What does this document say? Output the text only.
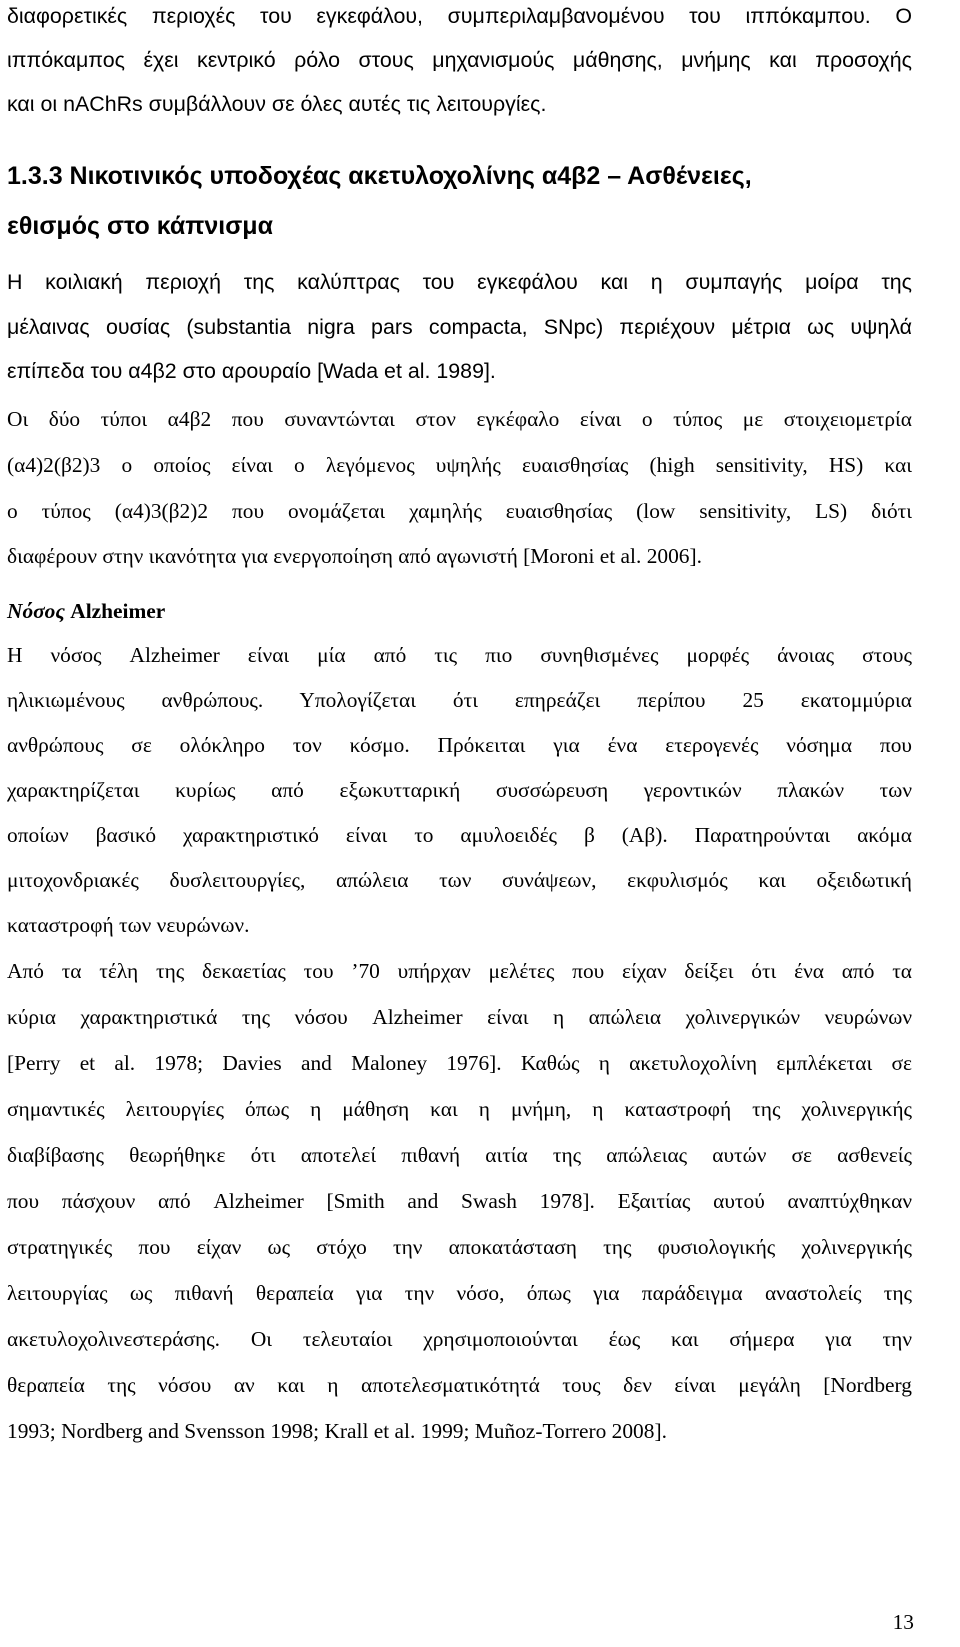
διαφορετικές περιοχές του εγκεφάλου, συμπεριλαμβανομένου του ιππόκαμπου. Ο
ιππόκαμπος έχει κεντρικό ρόλο στους μηχανισμούς μάθησης, μνήμης και προσοχής
και οι nAChRs συμβάλλουν σε όλες αυτές τις λειτουργίες.
1.3.3 Νικοτινικός υποδοχέας ακετυλοχολίνης α4β2 – Ασθένειες,
εθισμός στο κάπνισμα
Η κοιλιακή περιοχή της καλύπτρας του εγκεφάλου και η συμπαγής μοίρα της
μέλαινας ουσίας (substantia nigra pars compacta, SNpc) περιέχουν μέτρια ως υψηλά
επίπεδα του α4β2 στο αρουραίο [Wada et al. 1989].
Οι δύο τύποι α4β2 που συναντώνται στον εγκέφαλο είναι ο τύπος με στοιχειομετρία
(α4)2(β2)3 ο οποίος είναι ο λεγόμενος υψηλής ευαισθησίας (high sensitivity, HS) και
ο τύπος (α4)3(β2)2 που ονομάζεται χαμηλής ευαισθησίας (low sensitivity, LS) διότι
διαφέρουν στην ικανότητα για ενεργοποίηση από αγωνιστή [Moroni et al. 2006].
Νόσος Alzheimer
Η νόσος Alzheimer είναι μία από τις πιο συνηθισμένες μορφές άνοιας στους
ηλικιωμένους ανθρώπους. Υπολογίζεται ότι επηρεάζει περίπου 25 εκατομμύρια
ανθρώπους σε ολόκληρο τον κόσμο. Πρόκειται για ένα ετερογενές νόσημα που
χαρακτηρίζεται κυρίως από εξωκυτταρική συσσώρευση γεροντικών πλακών των
οποίων βασικό χαρακτηριστικό είναι το αμυλοειδές β (Αβ). Παρατηρούνται ακόμα
μιτοχονδριακές δυσλειτουργίες, απώλεια των συνάψεων, εκφυλισμός και οξειδωτική
καταστροφή των νευρώνων.
Από τα τέλη της δεκαετίας του ’70 υπήρχαν μελέτες που είχαν δείξει ότι ένα από τα
κύρια χαρακτηριστικά της νόσου Alzheimer είναι η απώλεια χολινεργικών νευρώνων
[Perry et al. 1978; Davies and Maloney 1976]. Καθώς η ακετυλοχολίνη εμπλέκεται σε
σημαντικές λειτουργίες όπως η μάθηση και η μνήμη, η καταστροφή της χολινεργικής
διαβίβασης θεωρήθηκε ότι αποτελεί πιθανή αιτία της απώλειας αυτών σε ασθενείς
που πάσχουν από Alzheimer [Smith and Swash 1978]. Εξαιτίας αυτού αναπτύχθηκαν
στρατηγικές που είχαν ως στόχο την αποκατάσταση της φυσιολογικής χολινεργικής
λειτουργίας ως πιθανή θεραπεία για την νόσο, όπως για παράδειγμα αναστολείς της
ακετυλοχολινεστεράσης. Οι τελευταίοι χρησιμοποιούνται έως και σήμερα για την
θεραπεία της νόσου αν και η αποτελεσματικότητά τους δεν είναι μεγάλη [Nordberg
1993; Nordberg and Svensson 1998; Krall et al. 1999; Muñoz-Torrero 2008].
13
